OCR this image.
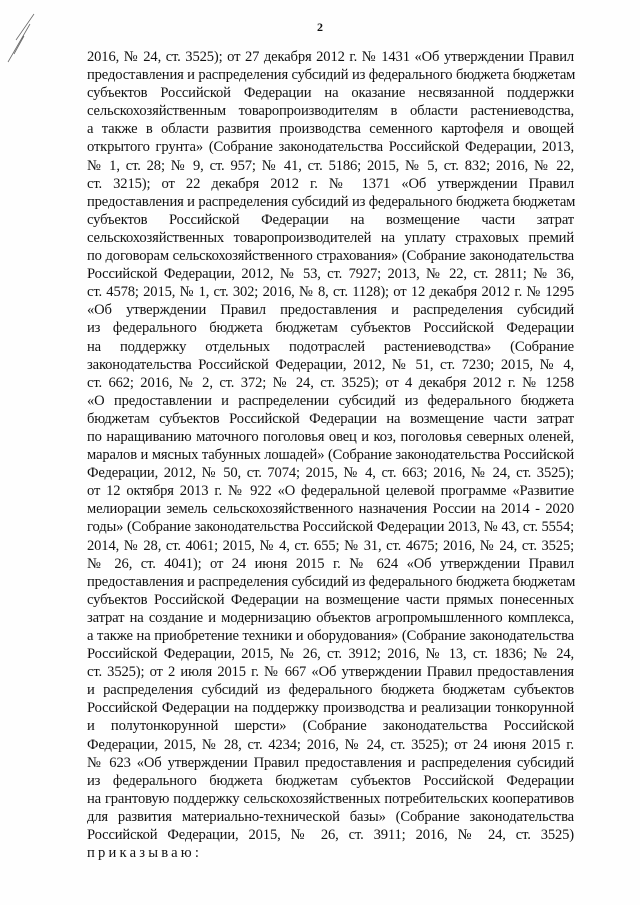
2
2016, № 24, ст. 3525); от 27 декабря 2012 г. № 1431 «Об утверждении Правил
предоставления и распределения субсидий из федерального бюджета бюджетам
субъектов Российской Федерации на оказание несвязанной поддержки
сельскохозяйственным товаропроизводителям в области растениеводства,
а также в области развития производства семенного картофеля и овощей
открытого грунта» (Собрание законодательства Российской Федерации, 2013,
№ 1, ст. 28; № 9, ст. 957; № 41, ст. 5186; 2015, № 5, ст. 832; 2016, № 22,
ст. 3215); от 22 декабря 2012 г. № 1371 «Об утверждении Правил
предоставления и распределения субсидий из федерального бюджета бюджетам
субъектов Российской Федерации на возмещение части затрат
сельскохозяйственных товаропроизводителей на уплату страховых премий
по договорам сельскохозяйственного страхования» (Собрание законодательства
Российской Федерации, 2012, № 53, ст. 7927; 2013, № 22, ст. 2811; № 36,
ст. 4578; 2015, № 1, ст. 302; 2016, № 8, ст. 1128); от 12 декабря 2012 г. № 1295
«Об утверждении Правил предоставления и распределения субсидий
из федерального бюджета бюджетам субъектов Российской Федерации
на поддержку отдельных подотраслей растениеводства» (Собрание
законодательства Российской Федерации, 2012, № 51, ст. 7230; 2015, № 4,
ст. 662; 2016, № 2, ст. 372; № 24, ст. 3525); от 4 декабря 2012 г. № 1258
«О предоставлении и распределении субсидий из федерального бюджета
бюджетам субъектов Российской Федерации на возмещение части затрат
по наращиванию маточного поголовья овец и коз, поголовья северных оленей,
маралов и мясных табунных лошадей» (Собрание законодательства Российской
Федерации, 2012, № 50, ст. 7074; 2015, № 4, ст. 663; 2016, № 24, ст. 3525);
от 12 октября 2013 г. № 922 «О федеральной целевой программе «Развитие
мелиорации земель сельскохозяйственного назначения России на 2014 - 2020
годы» (Собрание законодательства Российской Федерации 2013, № 43, ст. 5554;
2014, № 28, ст. 4061; 2015, № 4, ст. 655; № 31, ст. 4675; 2016, № 24, ст. 3525;
№ 26, ст. 4041); от 24 июня 2015 г. № 624 «Об утверждении Правил
предоставления и распределения субсидий из федерального бюджета бюджетам
субъектов Российской Федерации на возмещение части прямых понесенных
затрат на создание и модернизацию объектов агропромышленного комплекса,
а также на приобретение техники и оборудования» (Собрание законодательства
Российской Федерации, 2015, № 26, ст. 3912; 2016, № 13, ст. 1836; № 24,
ст. 3525); от 2 июля 2015 г. № 667 «Об утверждении Правил предоставления
и распределения субсидий из федерального бюджета бюджетам субъектов
Российской Федерации на поддержку производства и реализации тонкорунной
и полутонкорунной шерсти» (Собрание законодательства Российской
Федерации, 2015, № 28, ст. 4234; 2016, № 24, ст. 3525); от 24 июня 2015 г.
№ 623 «Об утверждении Правил предоставления и распределения субсидий
из федерального бюджета бюджетам субъектов Российской Федерации
на грантовую поддержку сельскохозяйственных потребительских кооперативов
для развития материально-технической базы» (Собрание законодательства
Российской Федерации, 2015, № 26, ст. 3911; 2016, № 24, ст. 3525)
приказываю:
